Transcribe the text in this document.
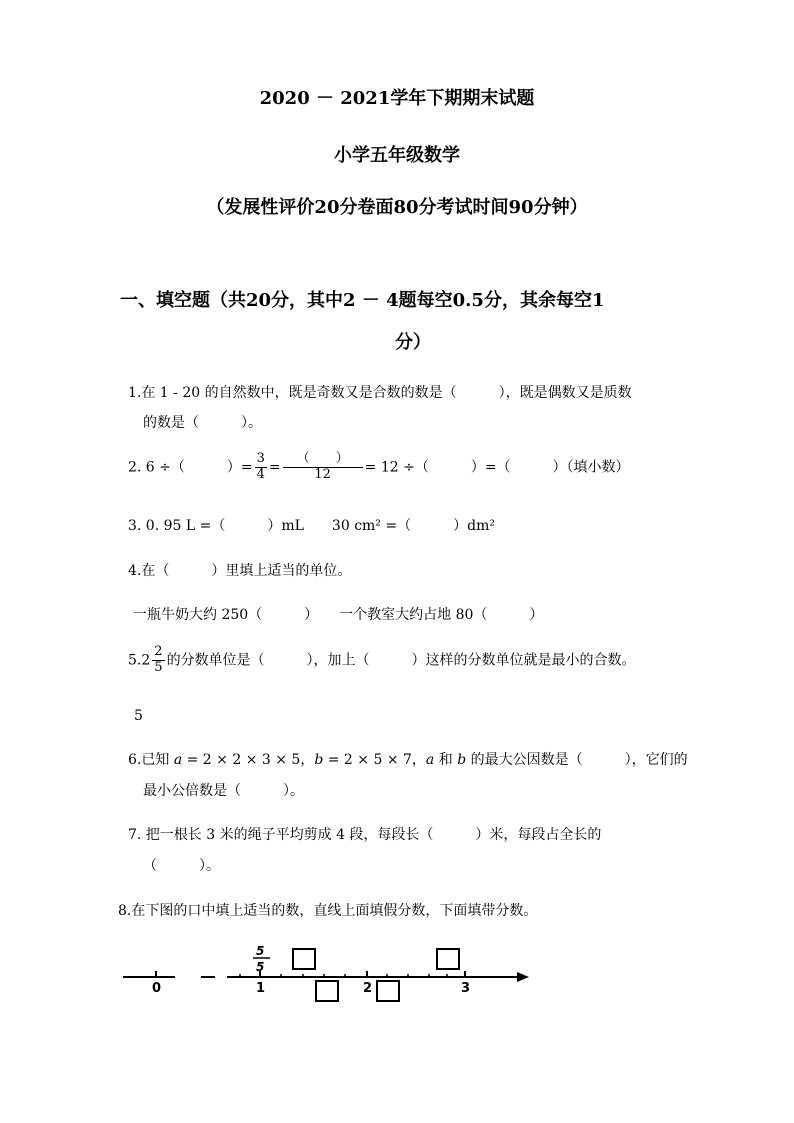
2020 － 2021学年下期期末试题
小学五年级数学
（发展性评价20分卷面80分考试时间90分钟）
一、填空题（共20分，其中2 － 4题每空0.5分，其余每空1
分）
1.在 1 - 20 的自然数中，既是奇数又是合数的数是（　　　），既是偶数又是质数
的数是（　　　）。
2. 6 ÷（　　　）= $\frac{3}{4} = \frac{( )}{12} = 12$ ÷（　　　）=（　　　）（填小数）
3. 0. 95 L =（　　　）mL　　30 cm² =（　　　）dm²
4.在（　　　）里填上适当的单位。
一瓶牛奶大约 250（　　　）　　一个教室大约占地 80（　　　）
$5.2 \frac{2}{5}$ 的分数单位是（　　　），加上（　　　）这样的分数单位就是最小的合数。
5
6.已知 a = 2 × 2 × 3 × 5，b = 2 × 5 × 7，a 和 b 的最大公因数是（　　　），它们的
最小公倍数是（　　　）。
7. 把一根长 3 米的绳子平均剪成 4 段，每段长（　　　）米，每段占全长的
（　　　）。
8.在下图的口中填上适当的数，直线上面填假分数，下面填带分数。
0	1	2	3
5
5
